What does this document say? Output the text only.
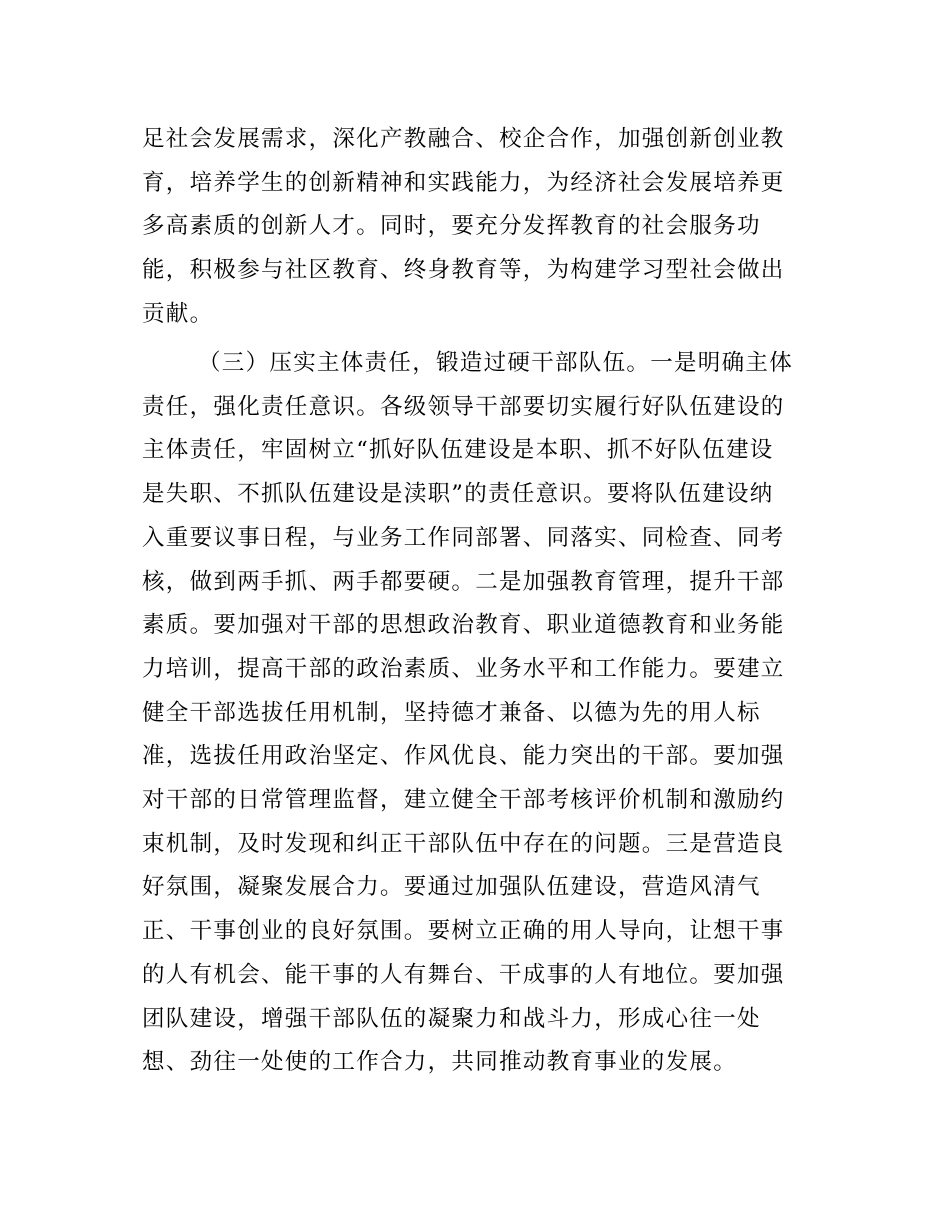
足社会发展需求，深化产教融合、校企合作，加强创新创业教
育，培养学生的创新精神和实践能力，为经济社会发展培养更
多高素质的创新人才。同时，要充分发挥教育的社会服务功
能，积极参与社区教育、终身教育等，为构建学习型社会做出
贡献。
（三）压实主体责任，锻造过硬干部队伍。一是明确主体
责任，强化责任意识。各级领导干部要切实履行好队伍建设的
主体责任，牢固树立“抓好队伍建设是本职、抓不好队伍建设
是失职、不抓队伍建设是渎职”的责任意识。要将队伍建设纳
入重要议事日程，与业务工作同部署、同落实、同检查、同考
核，做到两手抓、两手都要硬。二是加强教育管理，提升干部
素质。要加强对干部的思想政治教育、职业道德教育和业务能
力培训，提高干部的政治素质、业务水平和工作能力。要建立
健全干部选拔任用机制，坚持德才兼备、以德为先的用人标
准，选拔任用政治坚定、作风优良、能力突出的干部。要加强
对干部的日常管理监督，建立健全干部考核评价机制和激励约
束机制，及时发现和纠正干部队伍中存在的问题。三是营造良
好氛围，凝聚发展合力。要通过加强队伍建设，营造风清气
正、干事创业的良好氛围。要树立正确的用人导向，让想干事
的人有机会、能干事的人有舞台、干成事的人有地位。要加强
团队建设，增强干部队伍的凝聚力和战斗力，形成心往一处
想、劲往一处使的工作合力，共同推动教育事业的发展。
